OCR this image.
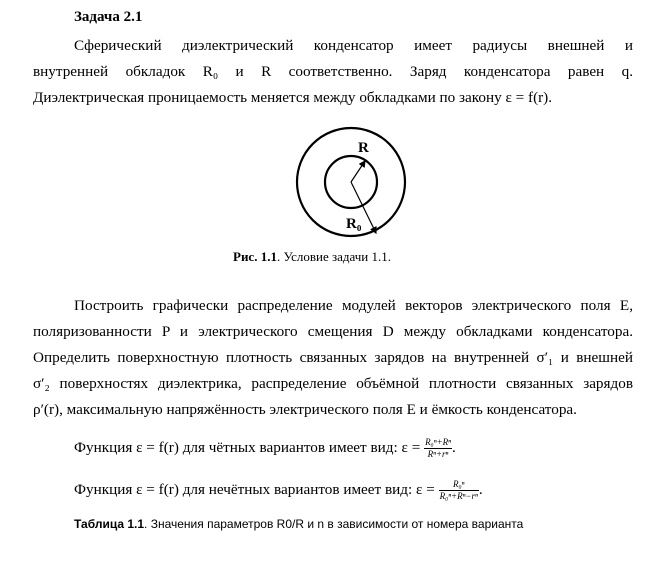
Задача 2.1
Сферический диэлектрический конденсатор имеет радиусы внешней и
внутренней обкладок R₀ и R соответственно. Заряд конденсатора равен q.
Диэлектрическая проницаемость меняется между обкладками по закону ε = f(r).
R
R₀
Рис. 1.1. Условие задачи 1.1.
Построить графически распределение модулей векторов электрического поля E,
поляризованности P и электрического смещения D между обкладками конденсатора.
Определить поверхностную плотность связанных зарядов на внутренней σ′₁ и внешней
σ′₂ поверхностях диэлектрика, распределение объёмной плотности связанных зарядов
ρ′(r), максимальную напряжённость электрического поля E и ёмкость конденсатора.
Функция ε = f(r) для чётных вариантов имеет вид: $\varepsilon = \frac{\text{R₀ⁿ+Rⁿ}}{\text{Rⁿ+rⁿ}}$ .
Функция ε = f(r) для нечётных вариантов имеет вид: $\varepsilon = \frac{\text{R₀ⁿ}}{\text{R₀ⁿ+Rⁿ−rⁿ}}$ .
Таблица 1.1. Значения параметров R0/R и n в зависимости от номера варианта
